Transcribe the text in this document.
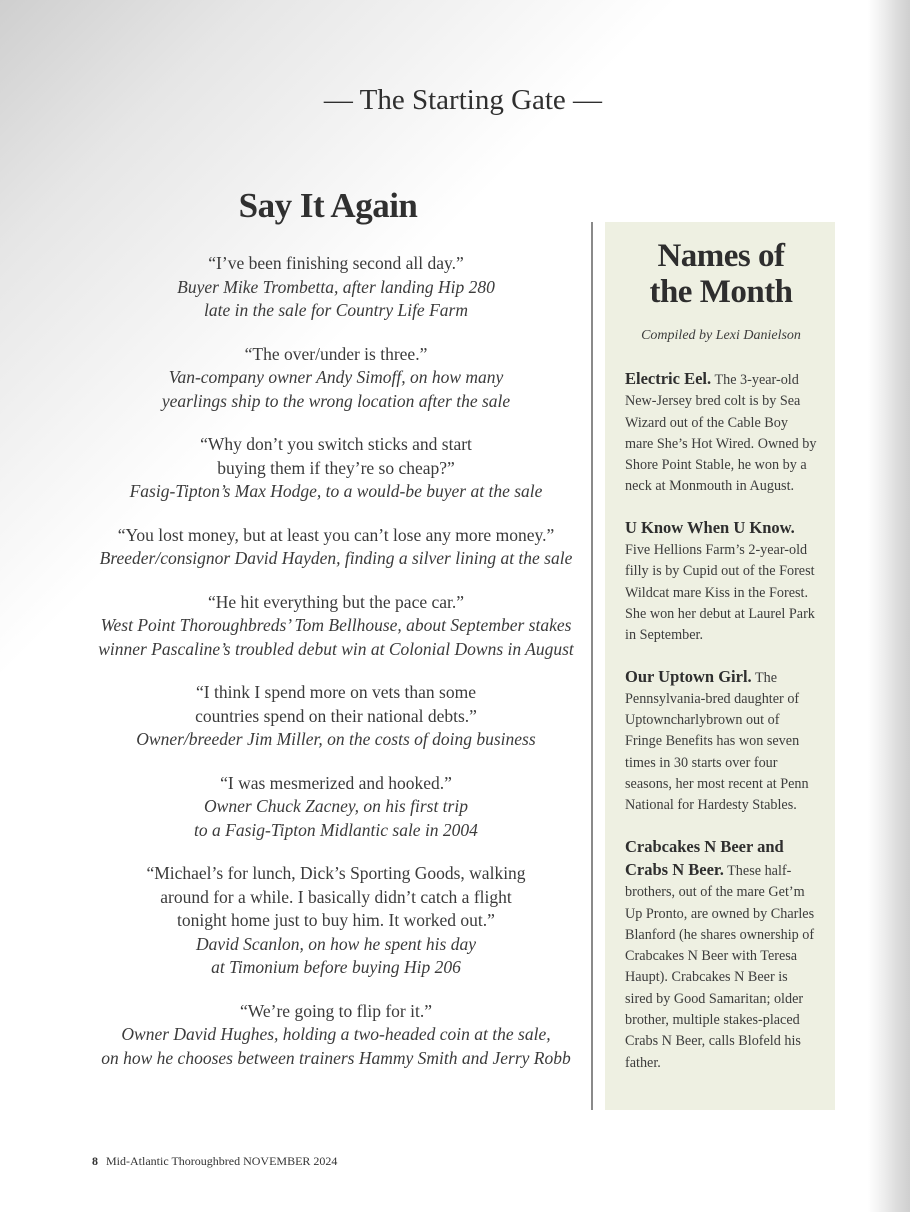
— The Starting Gate —
Say It Again
“I’ve been finishing second all day.”
Buyer Mike Trombetta, after landing Hip 280
late in the sale for Country Life Farm
“The over/under is three.”
Van-company owner Andy Simoff, on how many
yearlings ship to the wrong location after the sale
“Why don’t you switch sticks and start
buying them if they’re so cheap?”
Fasig-Tipton’s Max Hodge, to a would-be buyer at the sale
“You lost money, but at least you can’t lose any more money.”
Breeder/consignor David Hayden, finding a silver lining at the sale
“He hit everything but the pace car.”
West Point Thoroughbreds’ Tom Bellhouse, about September stakes
winner Pascaline’s troubled debut win at Colonial Downs in August
“I think I spend more on vets than some
countries spend on their national debts.”
Owner/breeder Jim Miller, on the costs of doing business
“I was mesmerized and hooked.”
Owner Chuck Zacney, on his first trip
to a Fasig-Tipton Midlantic sale in 2004
“Michael’s for lunch, Dick’s Sporting Goods, walking
around for a while. I basically didn’t catch a flight
tonight home just to buy him. It worked out.”
David Scanlon, on how he spent his day
at Timonium before buying Hip 206
“We’re going to flip for it.”
Owner David Hughes, holding a two-headed coin at the sale,
on how he chooses between trainers Hammy Smith and Jerry Robb
Names of
the Month
Compiled by Lexi Danielson
Electric Eel. The 3-year-old New-Jersey bred colt is by Sea Wizard out of the Cable Boy mare She’s Hot Wired. Owned by Shore Point Stable, he won by a neck at Monmouth in August.
U Know When U Know. Five Hellions Farm’s 2-year-old filly is by Cupid out of the Forest Wildcat mare Kiss in the Forest. She won her debut at Laurel Park in September.
Our Uptown Girl. The Pennsylvania-bred daughter of Uptowncharlybrown out of Fringe Benefits has won seven times in 30 starts over four seasons, her most recent at Penn National for Hardesty Stables.
Crabcakes N Beer and Crabs N Beer. These half-brothers, out of the mare Get’m Up Pronto, are owned by Charles Blanford (he shares ownership of Crabcakes N Beer with Teresa Haupt). Crabcakes N Beer is sired by Good Samaritan; older brother, multiple stakes-placed Crabs N Beer, calls Blofeld his father.
8 Mid-Atlantic Thoroughbred NOVEMBER 2024
